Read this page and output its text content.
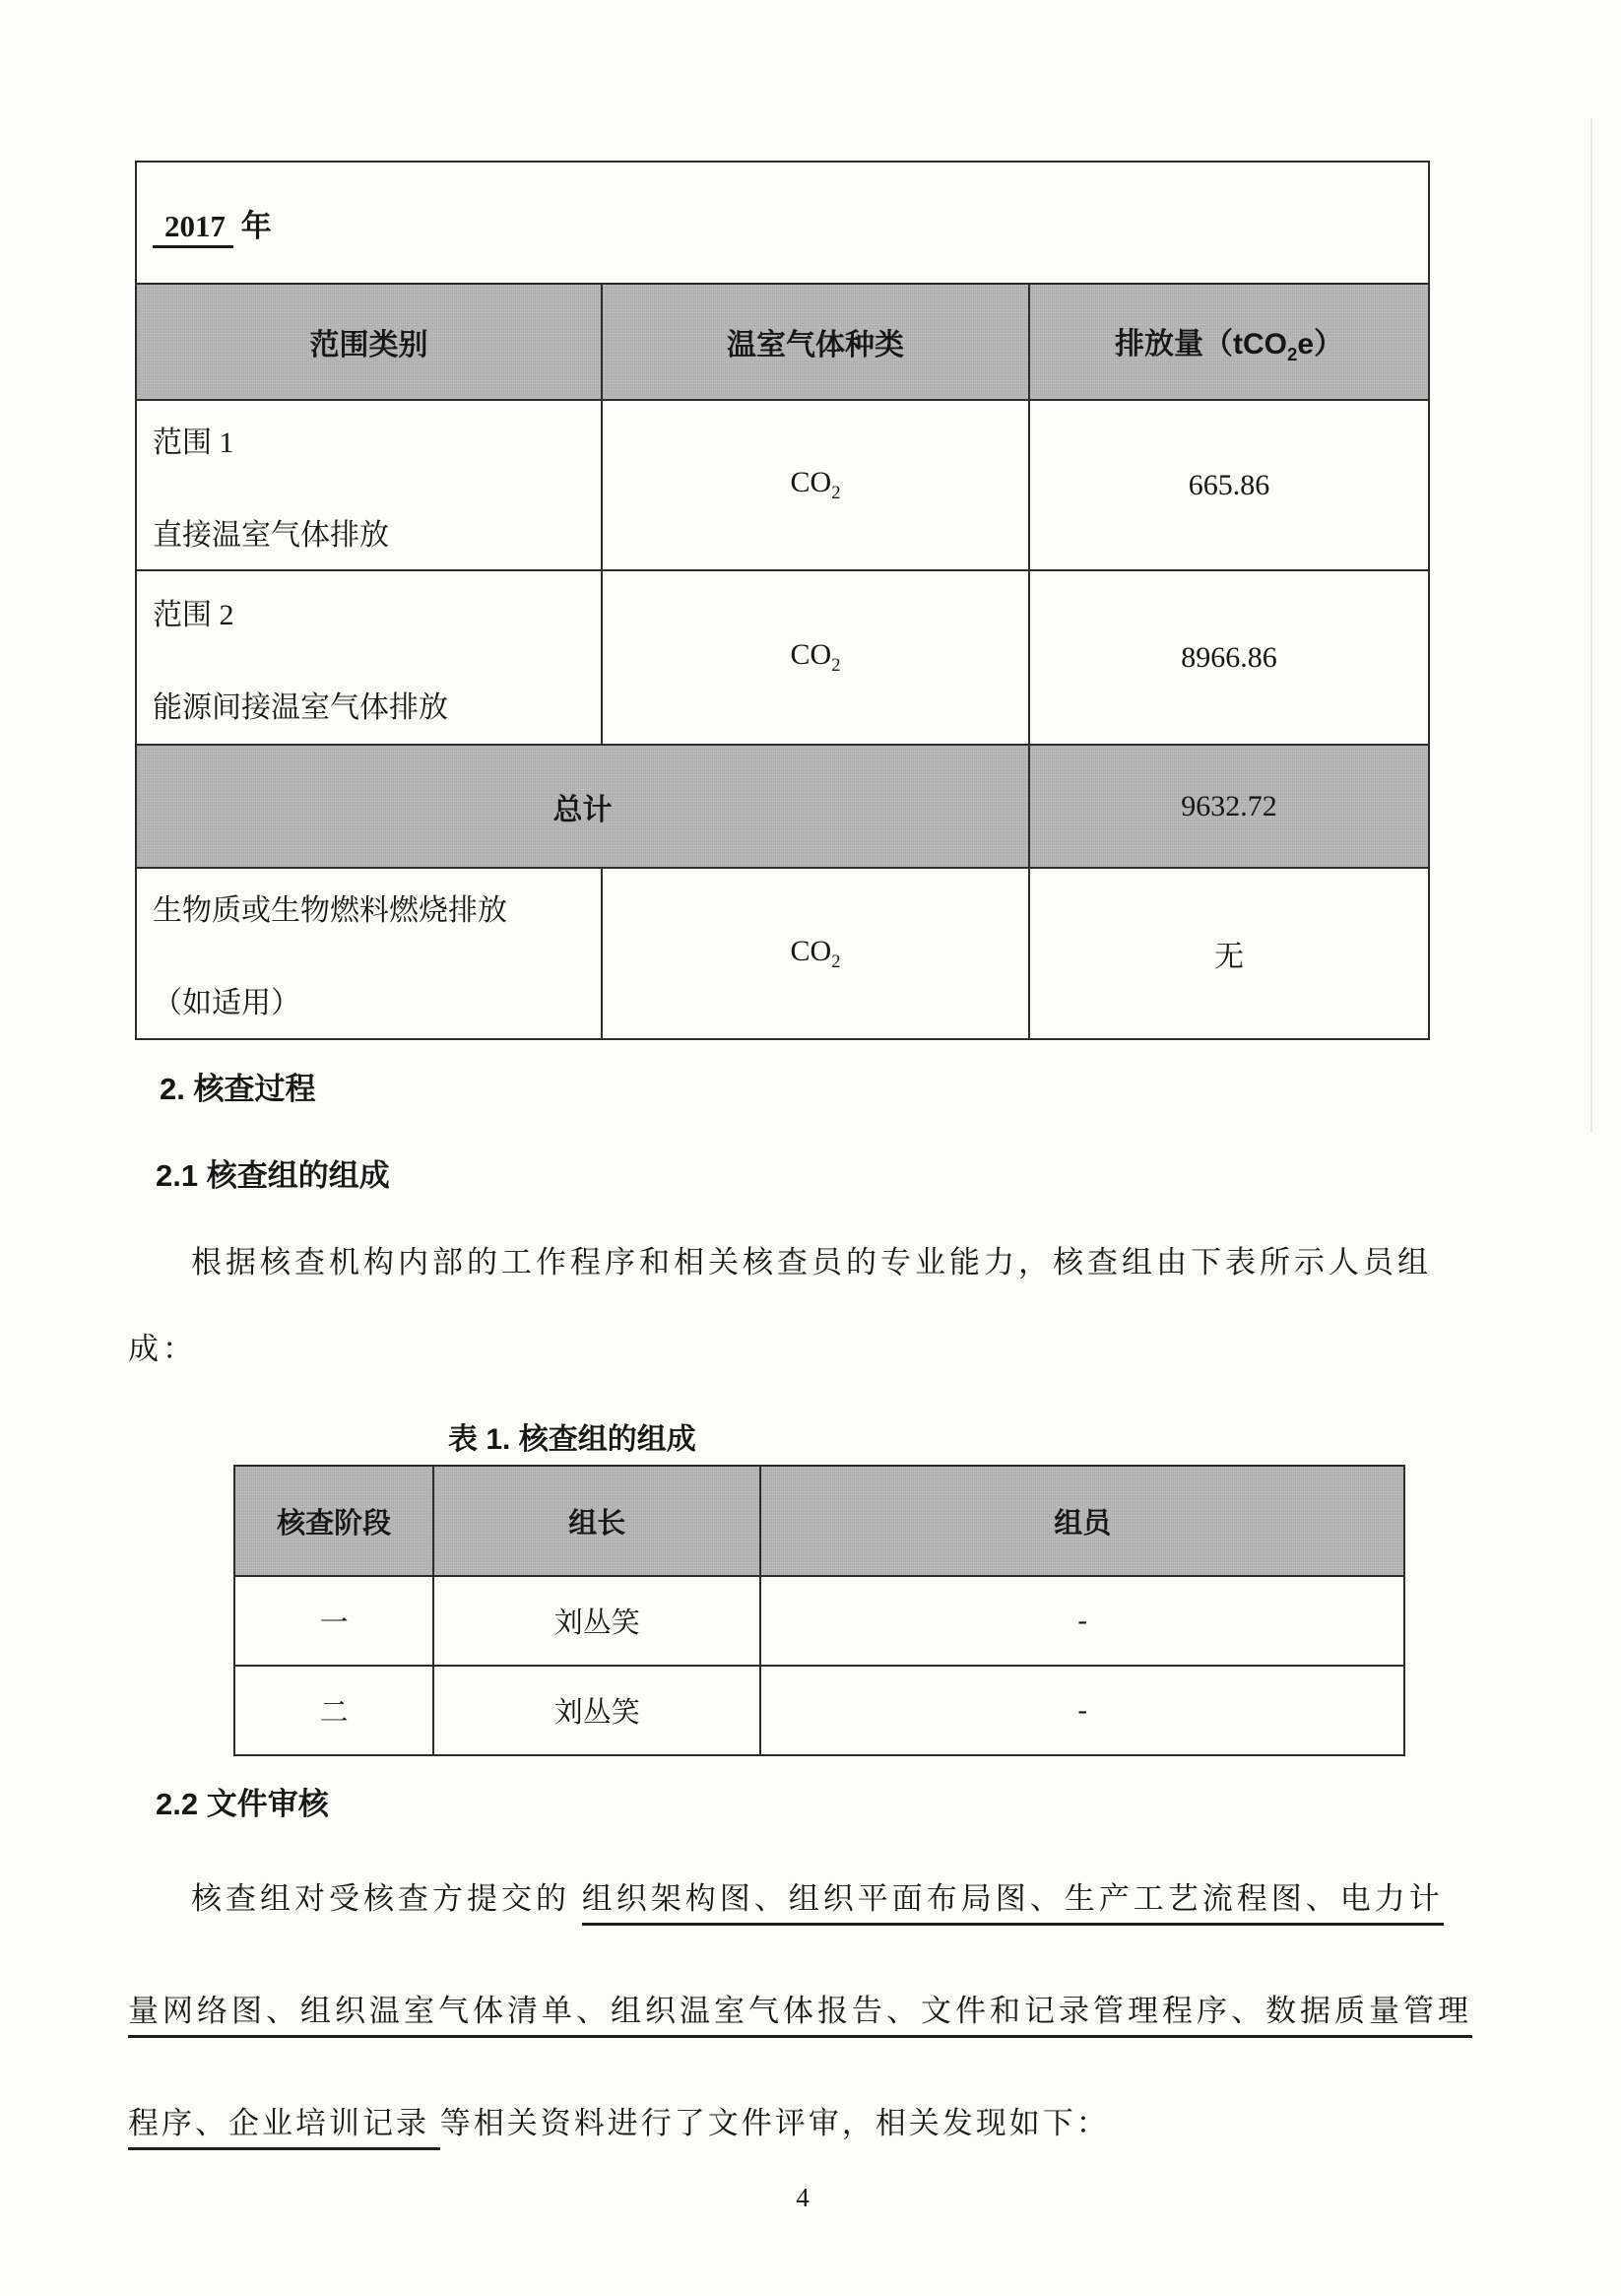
2017 年		
范围类别	温室气体种类	排放量（tCO$_2$e）

范围 1
直接温室气体排放	$CO_2$	665.86

范围 2
能源间接温室气体排放	$CO_2$	8966.86
总计		9632.72

生物质或生物燃料燃烧排放
（如适用）	$CO_2$	无
2. 核查过程
2.1 核查组的组成
根据核查机构内部的工作程序和相关核查员的专业能力，核查组由下表所示人员组
成：
表 1. 核查组的组成
核查阶段	组长	组员
一	刘丛笑	-
二	刘丛笑	-
2.2 文件审核
核查组对受核查方提交的 组织架构图、组织平面布局图、生产工艺流程图、电力计
量网络图、组织温室气体清单、组织温室气体报告、文件和记录管理程序、数据质量管理
程序、企业培训记录 等相关资料进行了文件评审，相关发现如下：
4
